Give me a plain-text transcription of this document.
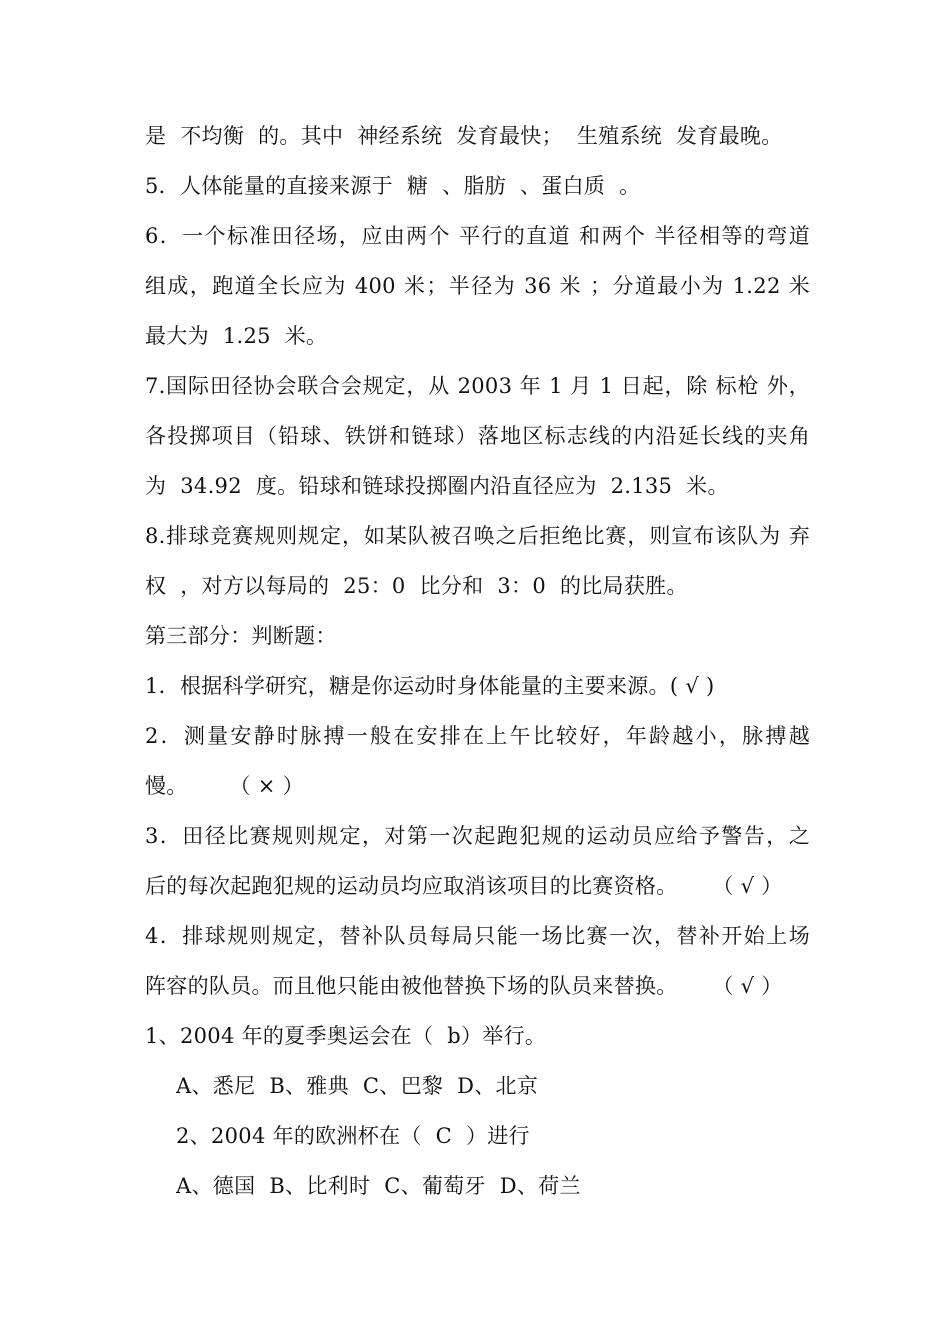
是  不均衡  的。其中  神经系统  发育最快；  生殖系统  发育最晚。
5．人体能量的直接来源于  糖  、脂肪  、蛋白质  。
6．一个标准田径场，应由两个 平行的直道 和两个 半径相等的弯道
组成，跑道全长应为 400 米；半径为 36 米 ；分道最小为 1.22 米
最大为  1.25  米。
7.国际田径协会联合会规定，从 2003 年 1 月 1 日起，除 标枪 外，
各投掷项目（铅球、铁饼和链球）落地区标志线的内沿延长线的夹角
为  34.92  度。铅球和链球投掷圈内沿直径应为  2.135  米。
8.排球竞赛规则规定，如某队被召唤之后拒绝比赛，则宣布该队为 弃
权  ，对方以每局的  25：0  比分和  3：0  的比局获胜。
第三部分：判断题：
1．根据科学研究，糖是你运动时身体能量的主要来源。( √ )
2．测量安静时脉搏一般在安排在上午比较好，年龄越小，脉搏越
慢。      （ × ）
3．田径比赛规则规定，对第一次起跑犯规的运动员应给予警告，之
后的每次起跑犯规的运动员均应取消该项目的比赛资格。     （ √ ）
4．排球规则规定，替补队员每局只能一场比赛一次，替补开始上场
阵容的队员。而且他只能由被他替换下场的队员来替换。     （ √ ）
1、2004 年的夏季奥运会在（  b）举行。
A、悉尼  B、雅典  C、巴黎  D、北京
2、2004 年的欧洲杯在（  C  ）进行
A、德国  B、比利时  C、葡萄牙  D、荷兰
